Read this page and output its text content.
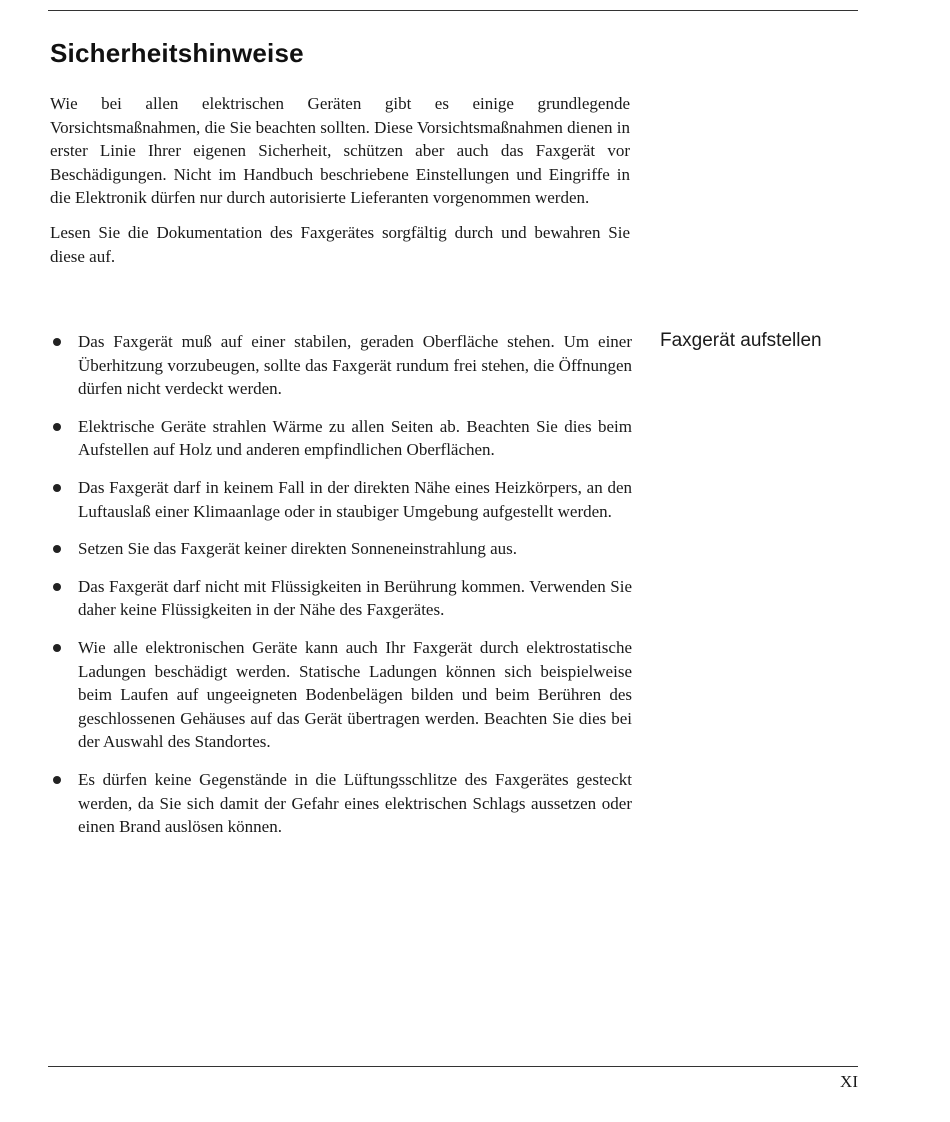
Sicherheitshinweise

Wie bei allen elektrischen Geräten gibt es einige grundlegende Vorsichtsmaßnahmen, die Sie beachten sollten. Diese Vorsichtsmaßnahmen dienen in erster Linie Ihrer eigenen Sicherheit, schützen aber auch das Faxgerät vor Beschädigungen. Nicht im Handbuch beschriebene Einstellungen und Eingriffe in die Elektronik dürfen nur durch autorisierte Lieferanten vorgenommen werden.

Lesen Sie die Dokumentation des Faxgerätes sorgfältig durch und bewahren Sie diese auf.

Faxgerät aufstellen
Das Faxgerät muß auf einer stabilen, geraden Oberfläche stehen. Um einer Überhitzung vorzubeugen, sollte das Faxgerät rundum frei stehen, die Öffnungen dürfen nicht verdeckt werden.
Elektrische Geräte strahlen Wärme zu allen Seiten ab. Beachten Sie dies beim Aufstellen auf Holz und anderen empfindlichen Oberflächen.
Das Faxgerät darf in keinem Fall in der direkten Nähe eines Heizkörpers, an den Luftauslaß einer Klimaanlage oder in staubiger Umgebung aufgestellt werden.
Setzen Sie das Faxgerät keiner direkten Sonneneinstrahlung aus.
Das Faxgerät darf nicht mit Flüssigkeiten in Berührung kommen. Verwenden Sie daher keine Flüssigkeiten in der Nähe des Faxgerätes.
Wie alle elektronischen Geräte kann auch Ihr Faxgerät durch elektrostatische Ladungen beschädigt werden. Statische Ladungen können sich beispielweise beim Laufen auf ungeeigneten Bodenbelägen bilden und beim Berühren des geschlossenen Gehäuses auf das Gerät übertragen werden. Beachten Sie dies bei der Auswahl des Standortes.
Es dürfen keine Gegenstände in die Lüftungsschlitze des Faxgerätes gesteckt werden, da Sie sich damit der Gefahr eines elektrischen Schlags aussetzen oder einen Brand auslösen können.
XI
